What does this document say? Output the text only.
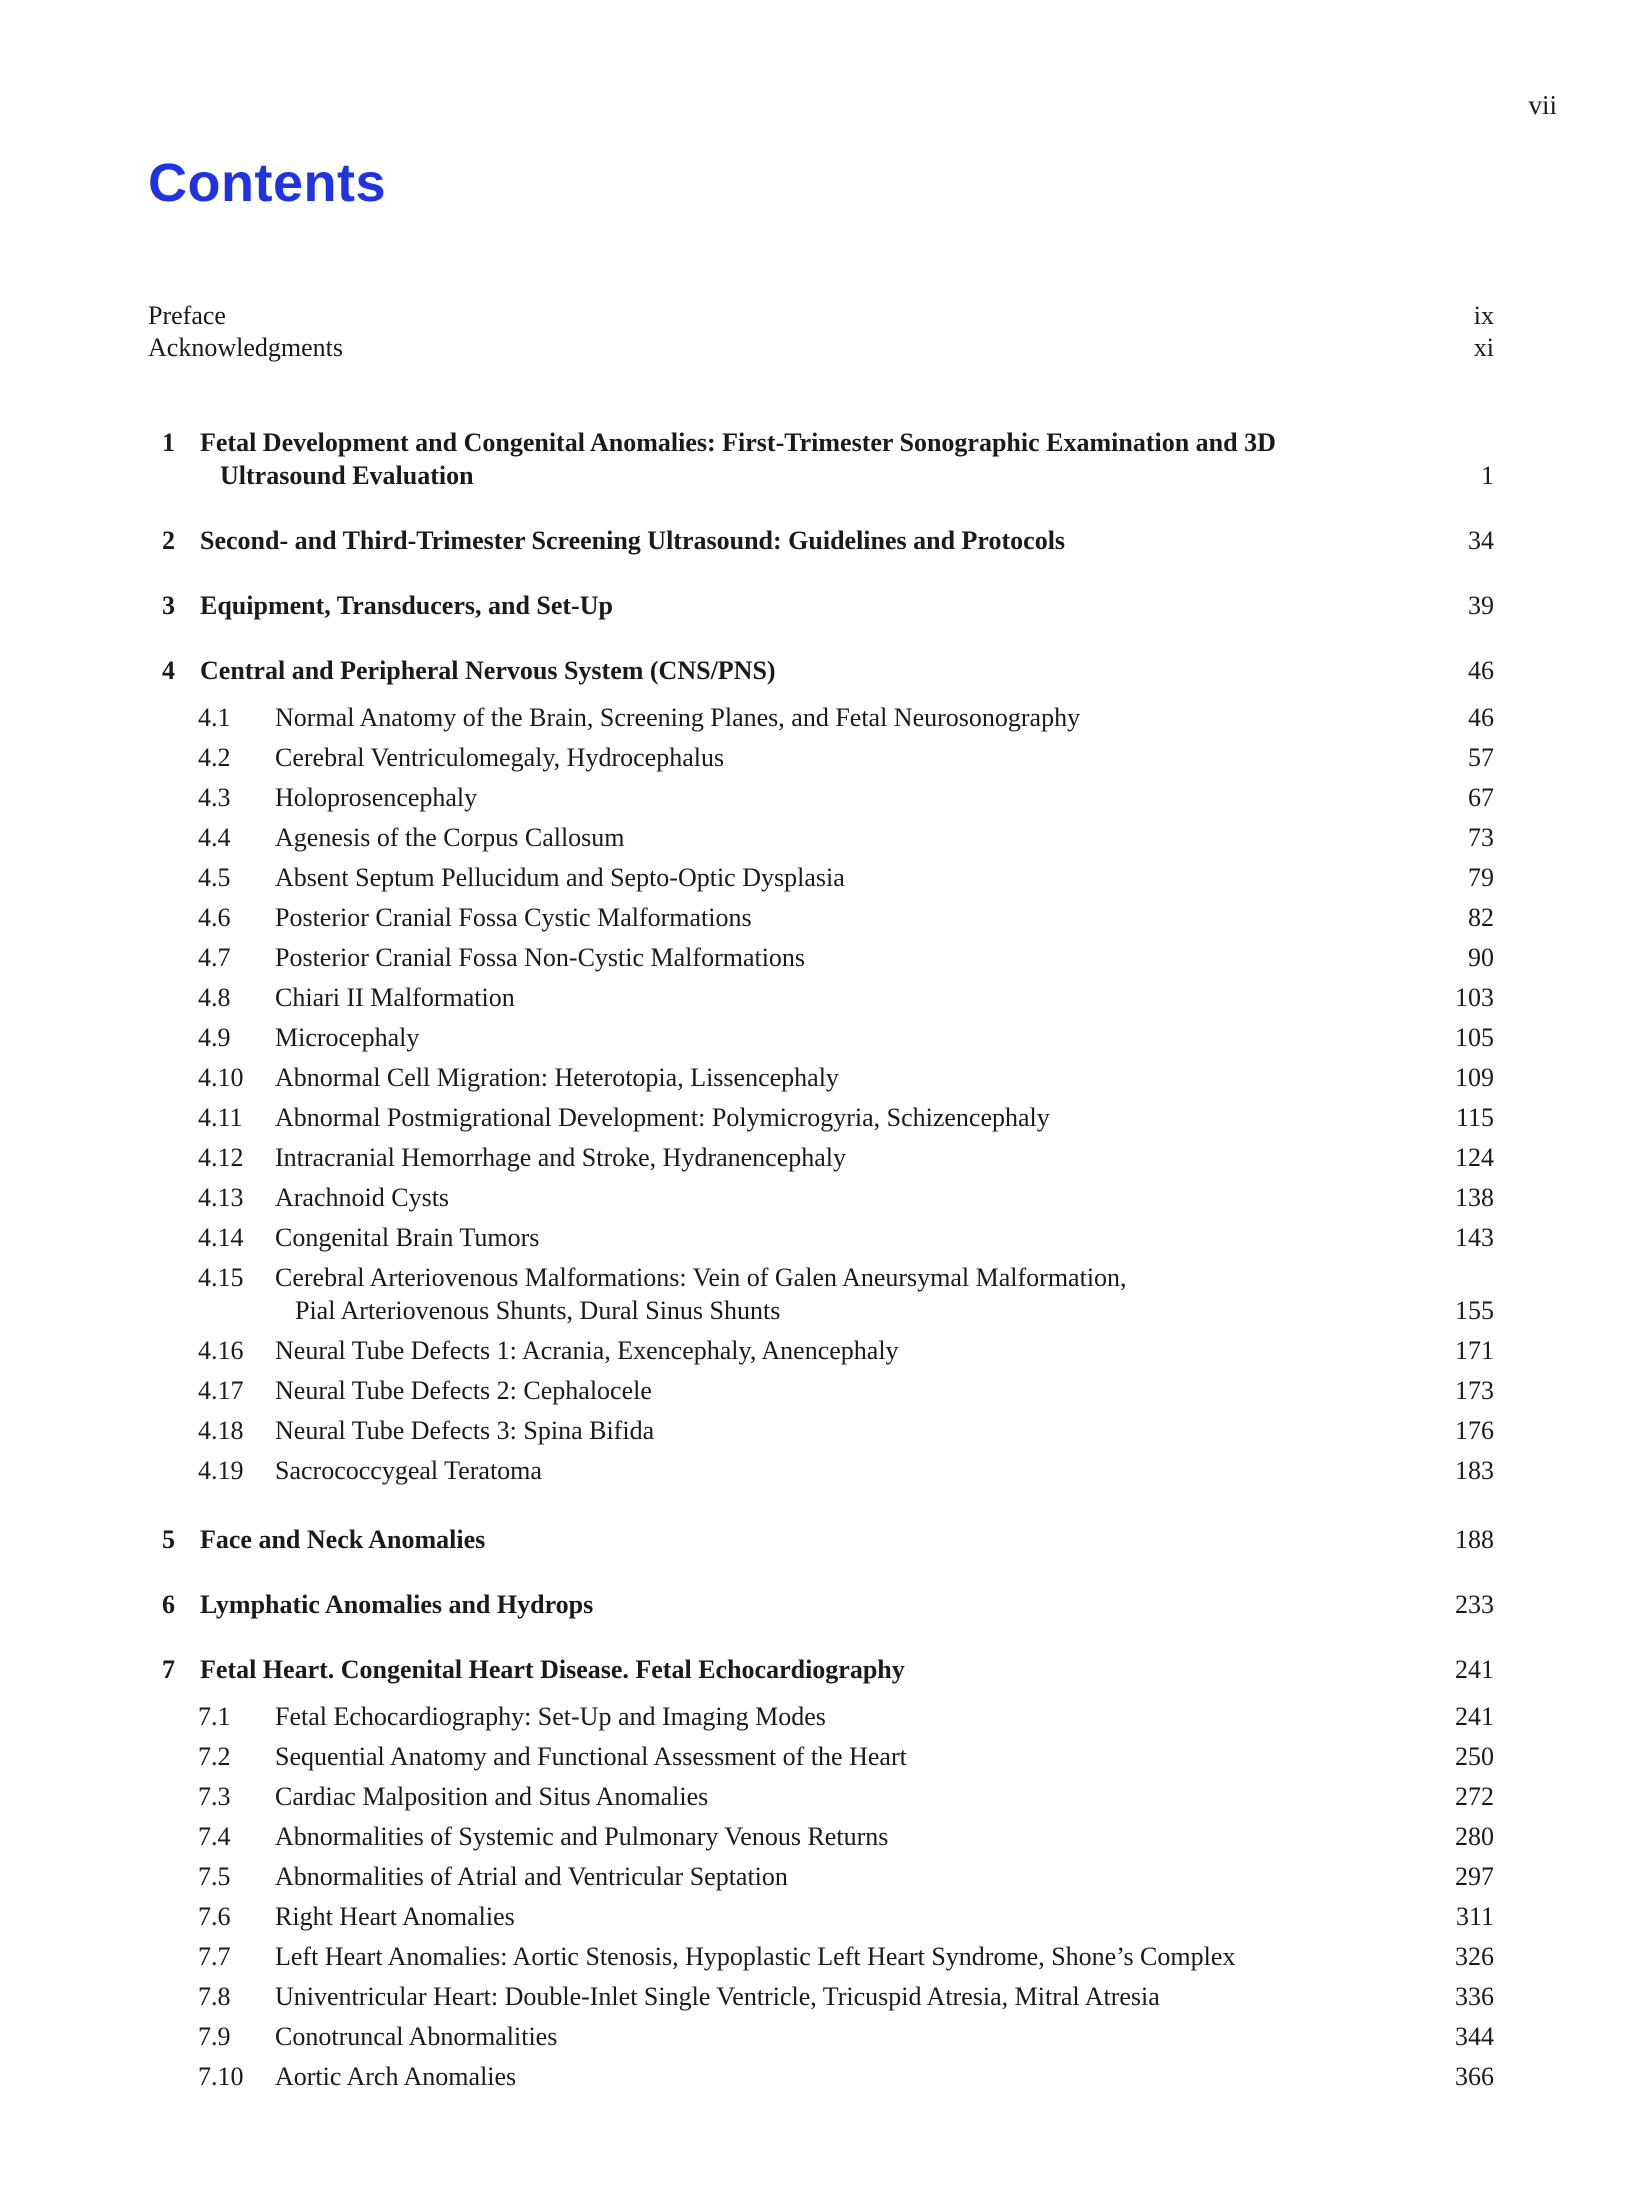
vii
Contents
Preface	ix
Acknowledgments	xi
1 Fetal Development and Congenital Anomalies: First-Trimester Sonographic Examination and 3D
Ultrasound Evaluation	1
2 Second- and Third-Trimester Screening Ultrasound: Guidelines and Protocols	34
3 Equipment, Transducers, and Set-Up	39
4 Central and Peripheral Nervous System (CNS/PNS)	46
4.1	Normal Anatomy of the Brain, Screening Planes, and Fetal Neurosonography	46
4.2	Cerebral Ventriculomegaly, Hydrocephalus	57
4.3	Holoprosencephaly	67
4.4	Agenesis of the Corpus Callosum	73
4.5	Absent Septum Pellucidum and Septo-Optic Dysplasia	79
4.6	Posterior Cranial Fossa Cystic Malformations	82
4.7	Posterior Cranial Fossa Non-Cystic Malformations	90
4.8	Chiari II Malformation	103
4.9	Microcephaly	105
4.10	Abnormal Cell Migration: Heterotopia, Lissencephaly	109
4.11	Abnormal Postmigrational Development: Polymicrogyria, Schizencephaly	115
4.12	Intracranial Hemorrhage and Stroke, Hydranencephaly	124
4.13	Arachnoid Cysts	138
4.14	Congenital Brain Tumors	143
4.15	Cerebral Arteriovenous Malformations: Vein of Galen Aneursymal Malformation,
Pial Arteriovenous Shunts, Dural Sinus Shunts	155
4.16	Neural Tube Defects 1: Acrania, Exencephaly, Anencephaly	171
4.17	Neural Tube Defects 2: Cephalocele	173
4.18	Neural Tube Defects 3: Spina Bifida	176
4.19	Sacrococcygeal Teratoma	183
5 Face and Neck Anomalies	188
6 Lymphatic Anomalies and Hydrops	233
7 Fetal Heart. Congenital Heart Disease. Fetal Echocardiography	241
7.1	Fetal Echocardiography: Set-Up and Imaging Modes	241
7.2	Sequential Anatomy and Functional Assessment of the Heart	250
7.3	Cardiac Malposition and Situs Anomalies	272
7.4	Abnormalities of Systemic and Pulmonary Venous Returns	280
7.5	Abnormalities of Atrial and Ventricular Septation	297
7.6	Right Heart Anomalies	311
7.7	Left Heart Anomalies: Aortic Stenosis, Hypoplastic Left Heart Syndrome, Shone’s Complex	326
7.8	Univentricular Heart: Double-Inlet Single Ventricle, Tricuspid Atresia, Mitral Atresia	336
7.9	Conotruncal Abnormalities	344
7.10	Aortic Arch Anomalies	366
